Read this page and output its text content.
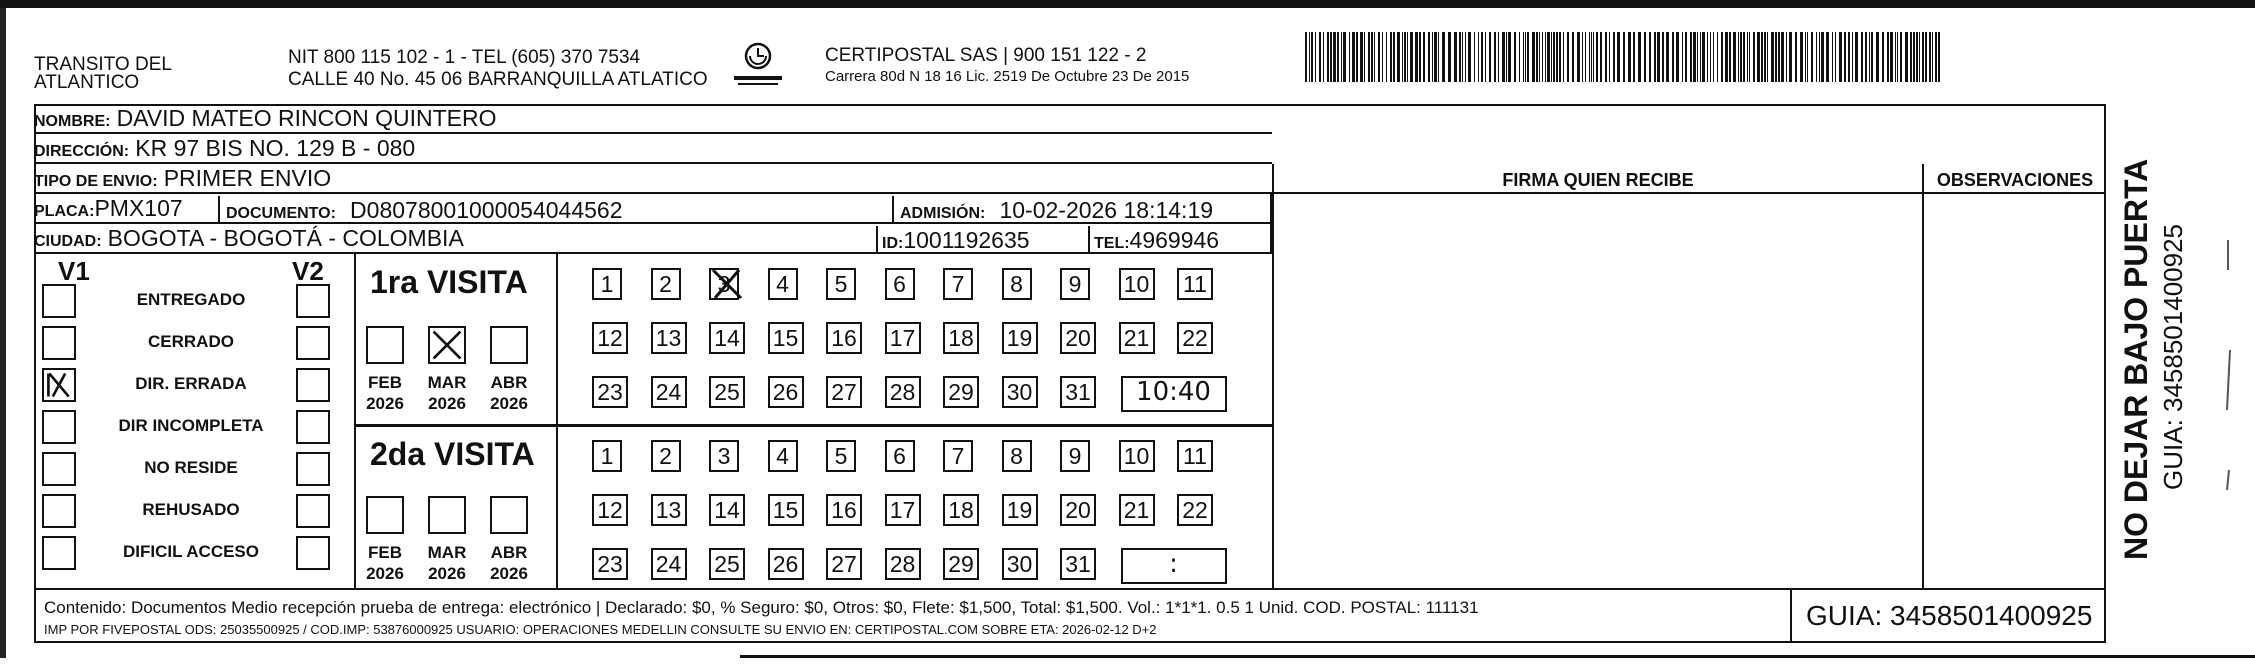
TRANSITO DEL
ATLANTICO
NIT 800 115 102 - 1 - TEL (605) 370 7534
CALLE 40 No. 45 06 BARRANQUILLA ATLATICO
CERTIPOSTAL SAS | 900 151 122 - 2
Carrera 80d N 18 16 Lic. 2519 De Octubre 23 De 2015
NOMBRE: DAVID MATEO RINCON QUINTERO
DIRECCIÓN: KR 97 BIS NO. 129 B - 080
TIPO DE ENVIO: PRIMER ENVIO
PLACA:PMX107	DOCUMENTO: D08078001000054044562	ADMISIÓN: 10-02-2026 18:14:19
CIUDAD: BOGOTA - BOGOTÁ - COLOMBIA	ID:1001192635	TEL:4969946
FIRMA QUIEN RECIBE	OBSERVACIONES
V1	V2
ENTREGADO
CERRADO
DIR. ERRADA
DIR INCOMPLETA
NO RESIDE
REHUSADO
DIFICIL ACCESO
1ra VISITA
FEB
2026
MAR
2026
ABR
2026
1	2	3	4	5	6	7	8	9	10 11
12 13 14 15 16 17 18 19 20 21 22
23 24 25 26 27 28 29 30 31	10:40
2da VISITA
FEB
2026
MAR
2026
ABR
2026
1	2	3	4	5	6	7	8	9	10 11
12 13 14 15 16 17 18 19 20 21 22
23 24 25 26 27 28 29 30 31	:
Contenido: Documentos Medio recepción prueba de entrega: electrónico | Declarado: $0, % Seguro: $0, Otros: $0, Flete: $1,500, Total: $1,500. Vol.: 1*1*1. 0.5 1 Unid. COD. POSTAL: 111131
IMP POR FIVEPOSTAL ODS: 25035500925 / COD.IMP: 53876000925 USUARIO: OPERACIONES MEDELLIN CONSULTE SU ENVIO EN: CERTIPOSTAL.COM SOBRE ETA: 2026-02-12 D+2	GUIA: 3458501400925
NO DEJAR BAJO PUERTA GUIA: 3458501400925
